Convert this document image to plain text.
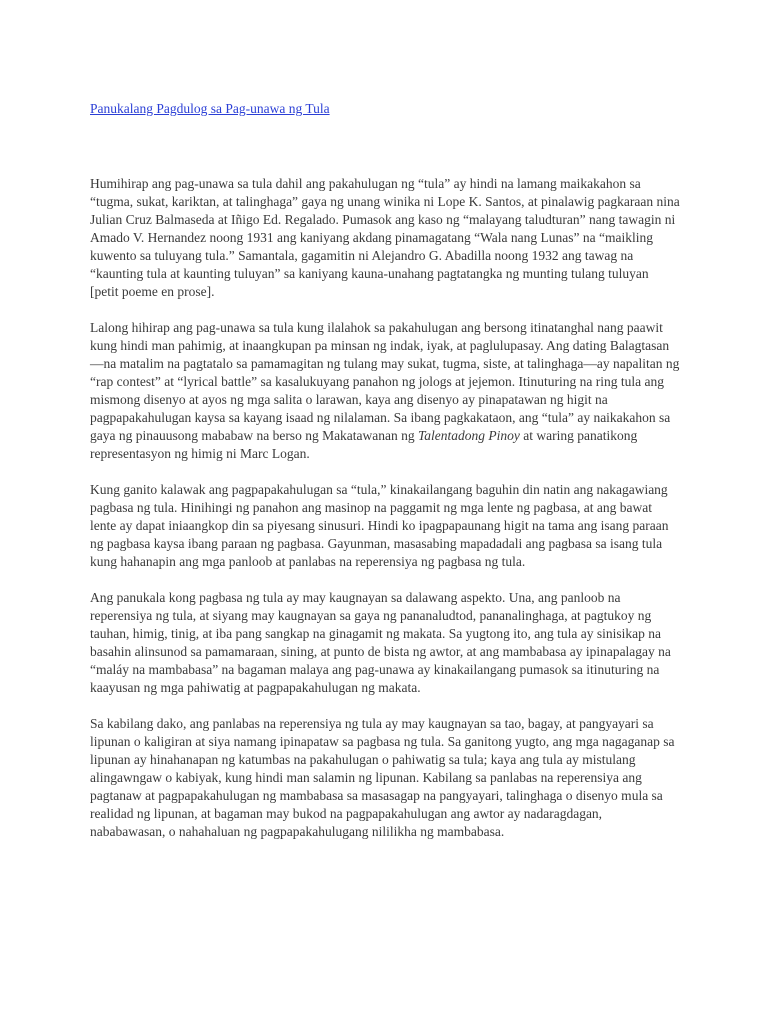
Panukalang Pagdulog sa Pag-unawa ng Tula

Humihirap ang pag-unawa sa tula dahil ang pakahulugan ng “tula” ay hindi na lamang maikakahon sa “tugma, sukat, kariktan, at talinghaga” gaya ng unang winika ni Lope K. Santos, at pinalawig pagkaraan nina Julian Cruz Balmaseda at Iñigo Ed. Regalado. Pumasok ang kaso ng “malayang taludturan” nang tawagin ni Amado V. Hernandez noong 1931 ang kaniyang akdang pinamagatang “Wala nang Lunas” na “maikling kuwento sa tuluyang tula.” Samantala, gagamitin ni Alejandro G. Abadilla noong 1932 ang tawag na “kaunting tula at kaunting tuluyan” sa kaniyang kauna-unahang pagtatangka ng munting tulang tuluyan [petit poeme en prose].

Lalong hihirap ang pag-unawa sa tula kung ilalahok sa pakahulugan ang bersong itinatanghal nang paawit kung hindi man pahimig, at inaangkupan pa minsan ng indak, iyak, at paglulupasay. Ang dating Balagtasan—na matalim na pagtatalo sa pamamagitan ng tulang may sukat, tugma, siste, at talinghaga—ay napalitan ng “rap contest” at “lyrical battle” sa kasalukuyang panahon ng jologs at jejemon. Itinuturing na ring tula ang mismong disenyo at ayos ng mga salita o larawan, kaya ang disenyo ay pinapatawan ng higit na pagpapakahulugan kaysa sa kayang isaad ng nilalaman. Sa ibang pagkakataon, ang “tula” ay naikakahon sa gaya ng pinauusong mababaw na berso ng Makatawanan ng Talentadong Pinoy at waring panatikong representasyon ng himig ni Marc Logan.

Kung ganito kalawak ang pagpapakahulugan sa “tula,” kinakailangang baguhin din natin ang nakagawiang pagbasa ng tula. Hinihingi ng panahon ang masinop na paggamit ng mga lente ng pagbasa, at ang bawat lente ay dapat iniaangkop din sa piyesang sinusuri. Hindi ko ipagpapaunang higit na tama ang isang paraan ng pagbasa kaysa ibang paraan ng pagbasa. Gayunman, masasabing mapadadali ang pagbasa sa isang tula kung hahanapin ang mga panloob at panlabas na reperensiya ng pagbasa ng tula.

Ang panukala kong pagbasa ng tula ay may kaugnayan sa dalawang aspekto. Una, ang panloob na reperensiya ng tula, at siyang may kaugnayan sa gaya ng pananaludtod, pananalinghaga, at pagtukoy ng tauhan, himig, tinig, at iba pang sangkap na ginagamit ng makata. Sa yugtong ito, ang tula ay sinisikap na basahin alinsunod sa pamamaraan, sining, at punto de bista ng awtor, at ang mambabasa ay ipinapalagay na “maláy na mambabasa” na bagaman malaya ang pag-unawa ay kinakailangang pumasok sa itinuturing na kaayusan ng mga pahiwatig at pagpapakahulugan ng makata.

Sa kabilang dako, ang panlabas na reperensiya ng tula ay may kaugnayan sa tao, bagay, at pangyayari sa lipunan o kaligiran at siya namang ipinapataw sa pagbasa ng tula. Sa ganitong yugto, ang mga nagaganap sa lipunan ay hinahanapan ng katumbas na pakahulugan o pahiwatig sa tula; kaya ang tula ay mistulang alingawngaw o kabiyak, kung hindi man salamin ng lipunan. Kabilang sa panlabas na reperensiya ang pagtanaw at pagpapakahulugan ng mambabasa sa masasagap na pangyayari, talinghaga o disenyo mula sa realidad ng lipunan, at bagaman may bukod na pagpapakahulugan ang awtor ay nadaragdagan, nababawasan, o nahahaluan ng pagpapakahulugang nililikha ng mambabasa.
